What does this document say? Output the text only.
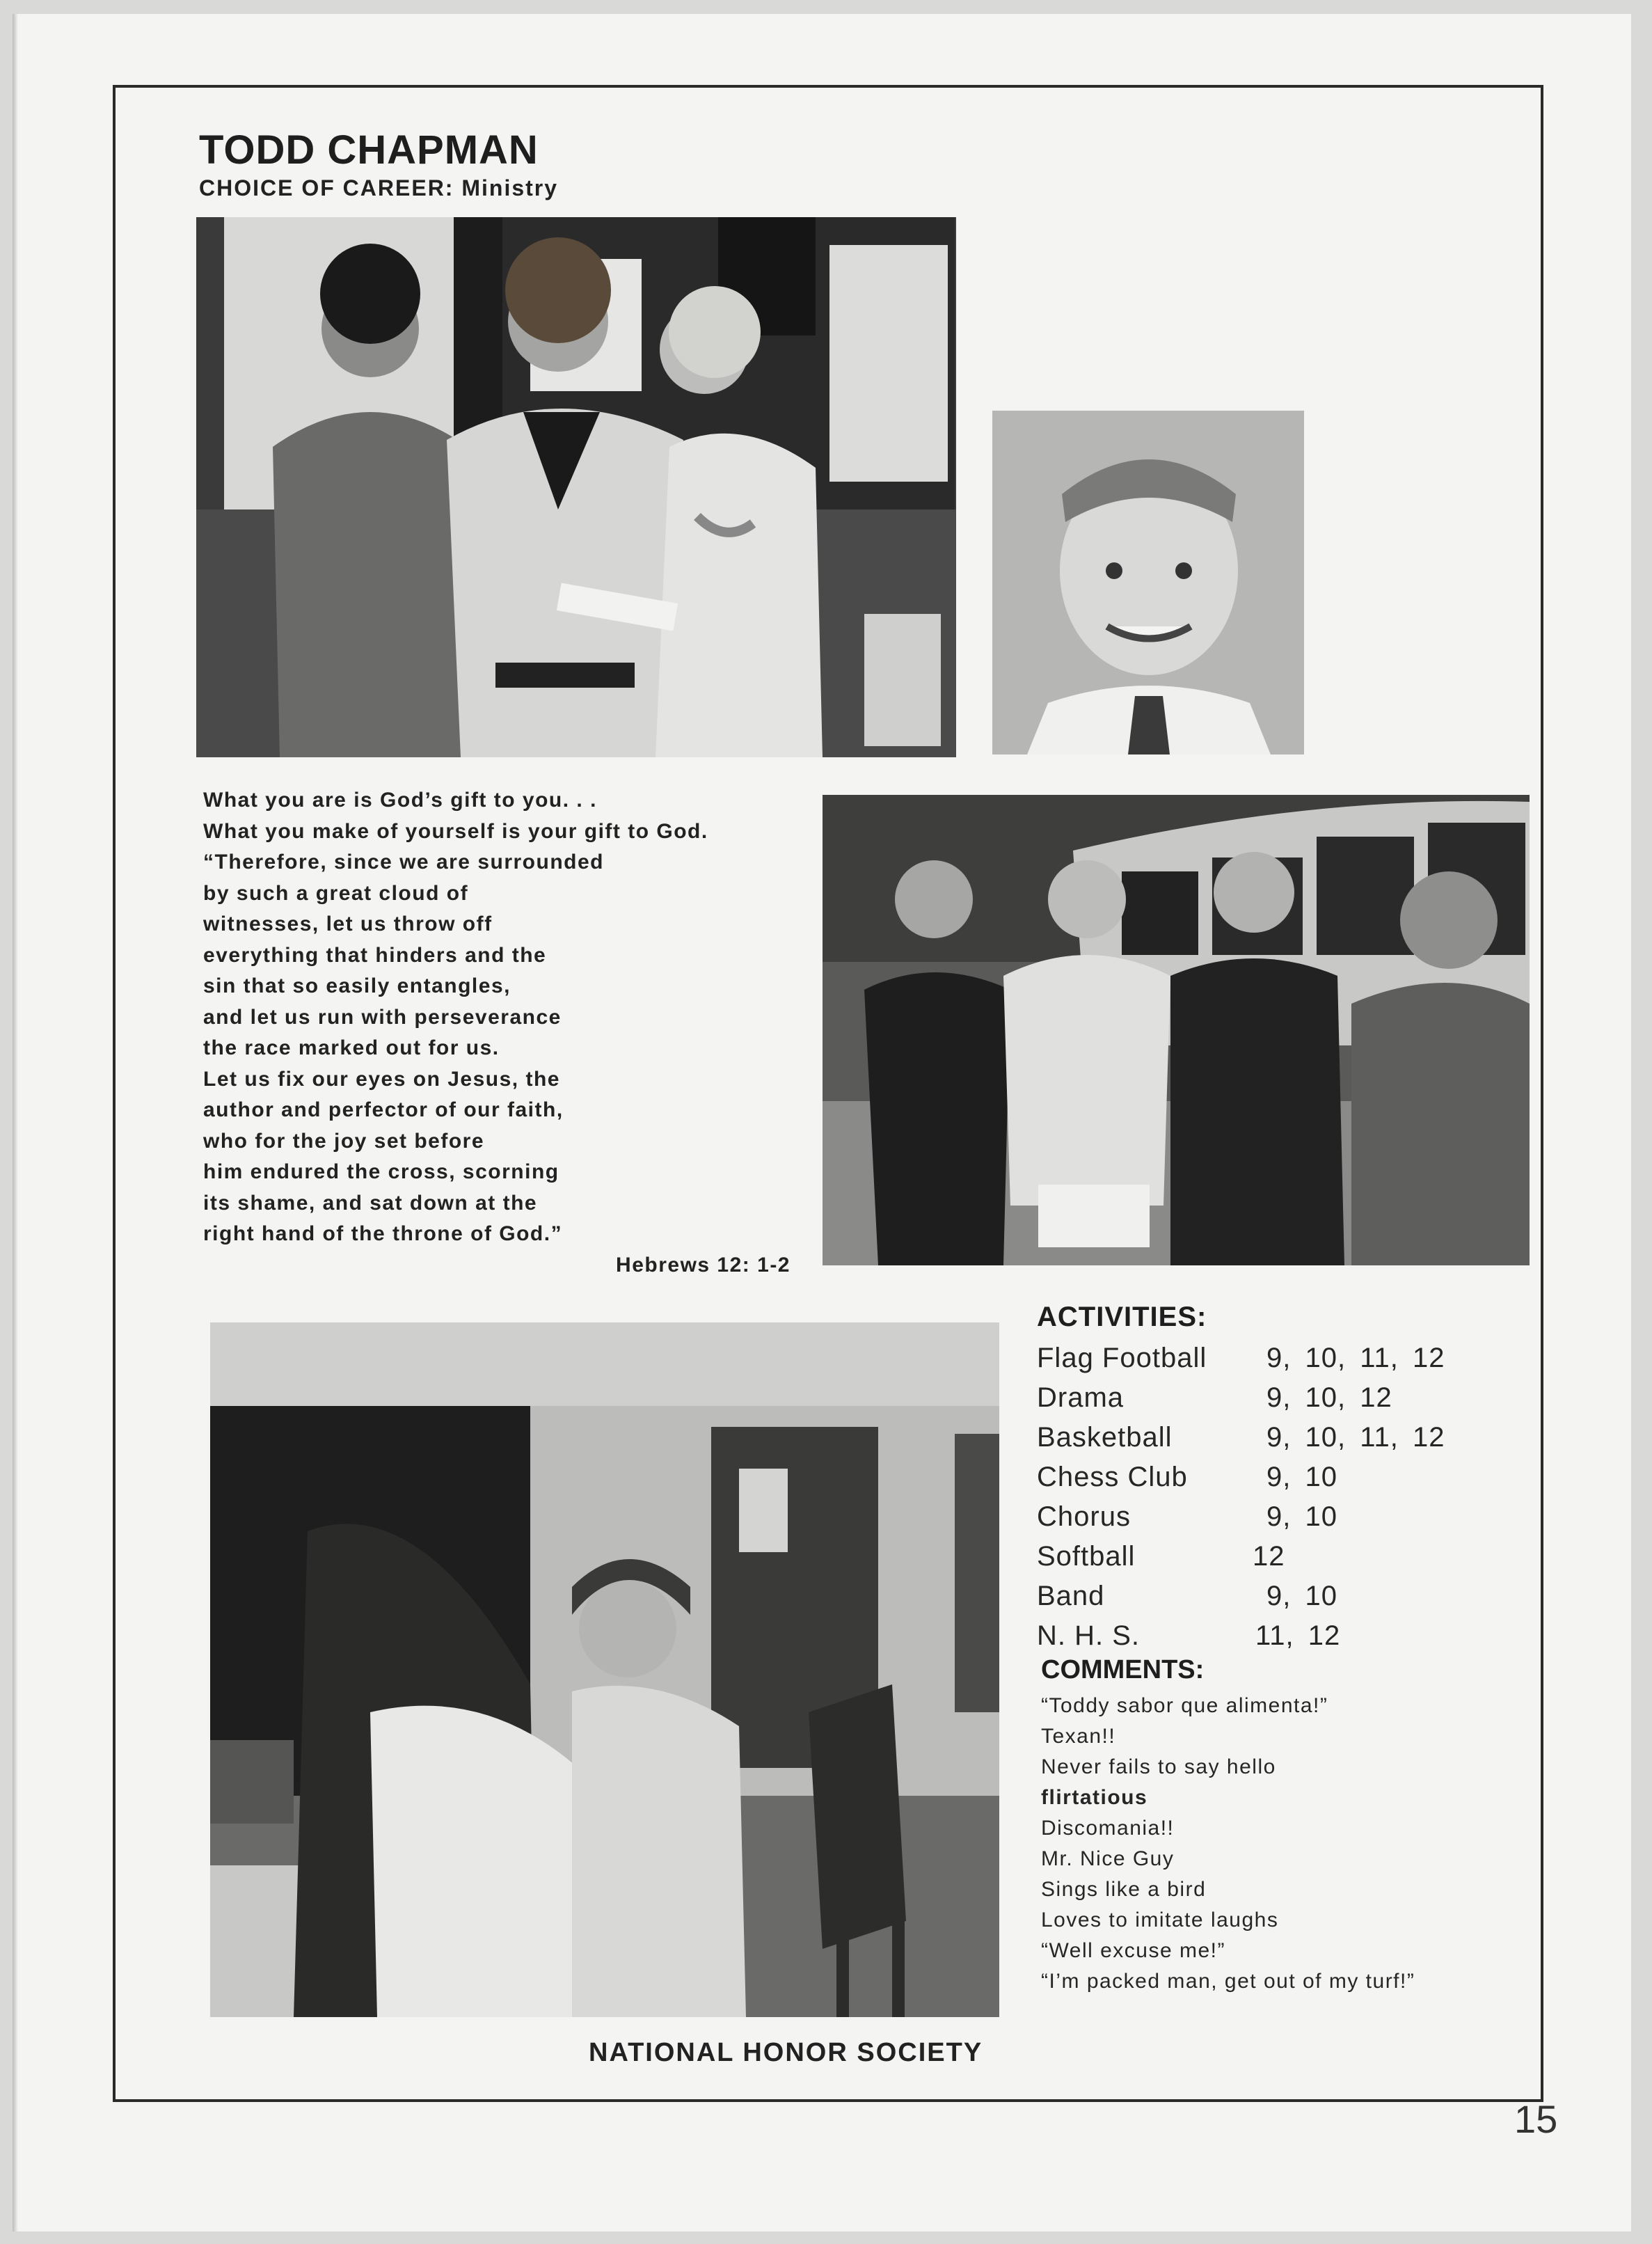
TODD CHAPMAN
CHOICE OF CAREER: Ministry
What you are is God’s gift to you. . .
What you make of yourself is your gift to God.
“Therefore, since we are surrounded
by such a great cloud of
witnesses, let us throw off
everything that hinders and the
sin that so easily entangles,
and let us run with perseverance
the race marked out for us.
Let us fix our eyes on Jesus, the
author and perfector of our faith,
who for the joy set before
him endured the cross, scorning
its shame, and sat down at the
right hand of the throne of God.”
Hebrews 12: 1-2
ACTIVITIES:
Flag Football	9, 10, 11, 12
Drama	9, 10, 12
Basketball	9, 10, 11, 12
Chess Club	9, 10
Chorus	9, 10
Softball	12
Band	9, 10
N. H. S.	11, 12
COMMENTS:
“Toddy sabor que alimenta!”
Texan!!
Never fails to say hello
flirtatious
Discomania!!
Mr. Nice Guy
Sings like a bird
Loves to imitate laughs
“Well excuse me!”
“I’m packed man, get out of my turf!”
NATIONAL HONOR SOCIETY
15
